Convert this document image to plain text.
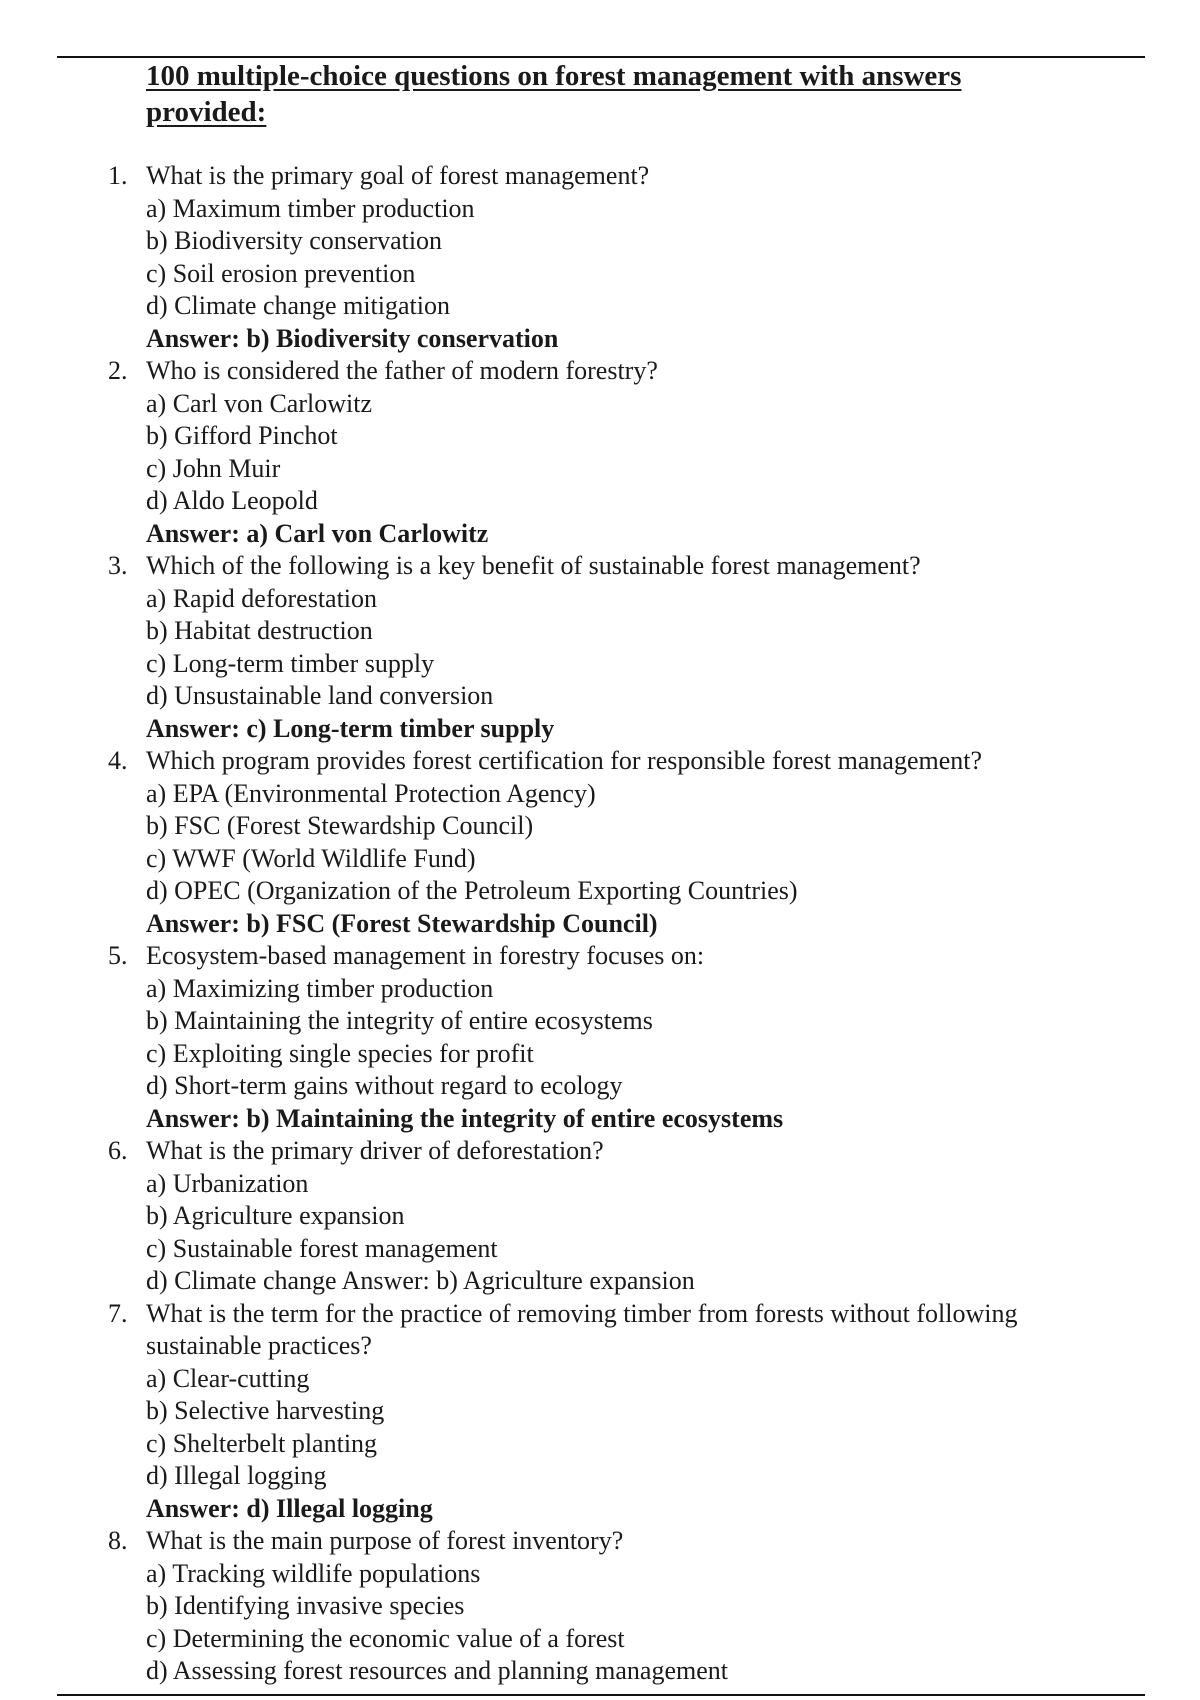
100 multiple-choice questions on forest management with answers provided:
1. What is the primary goal of forest management?
a) Maximum timber production
b) Biodiversity conservation
c) Soil erosion prevention
d) Climate change mitigation
Answer: b) Biodiversity conservation
2. Who is considered the father of modern forestry?
a) Carl von Carlowitz
b) Gifford Pinchot
c) John Muir
d) Aldo Leopold
Answer: a) Carl von Carlowitz
3. Which of the following is a key benefit of sustainable forest management?
a) Rapid deforestation
b) Habitat destruction
c) Long-term timber supply
d) Unsustainable land conversion
Answer: c) Long-term timber supply
4. Which program provides forest certification for responsible forest management?
a) EPA (Environmental Protection Agency)
b) FSC (Forest Stewardship Council)
c) WWF (World Wildlife Fund)
d) OPEC (Organization of the Petroleum Exporting Countries)
Answer: b) FSC (Forest Stewardship Council)
5. Ecosystem-based management in forestry focuses on:
a) Maximizing timber production
b) Maintaining the integrity of entire ecosystems
c) Exploiting single species for profit
d) Short-term gains without regard to ecology
Answer: b) Maintaining the integrity of entire ecosystems
6. What is the primary driver of deforestation?
a) Urbanization
b) Agriculture expansion
c) Sustainable forest management
d) Climate change Answer: b) Agriculture expansion
7. What is the term for the practice of removing timber from forests without following sustainable practices?
a) Clear-cutting
b) Selective harvesting
c) Shelterbelt planting
d) Illegal logging
Answer: d) Illegal logging
8. What is the main purpose of forest inventory?
a) Tracking wildlife populations
b) Identifying invasive species
c) Determining the economic value of a forest
d) Assessing forest resources and planning management
